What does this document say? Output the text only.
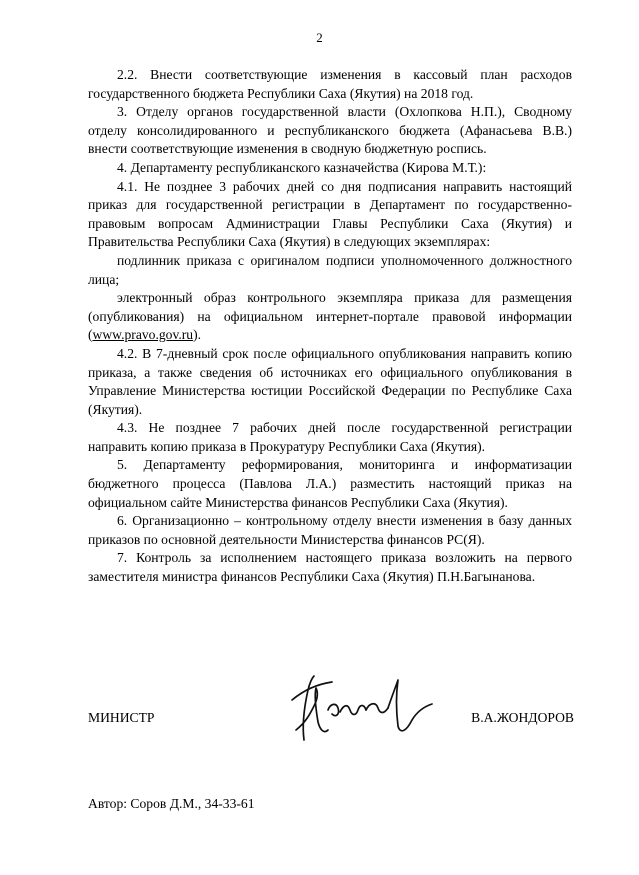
2

2.2. Внести соответствующие изменения в кассовый план расходов государственного бюджета Республики Саха (Якутия) на 2018 год.

3. Отделу органов государственной власти (Охлопкова Н.П.), Сводному отделу консолидированного и республиканского бюджета (Афанасьева В.В.) внести соответствующие изменения в сводную бюджетную роспись.

4. Департаменту республиканского казначейства (Кирова М.Т.):

4.1. Не позднее 3 рабочих дней со дня подписания направить настоящий приказ для государственной регистрации в Департамент по государственно-правовым вопросам Администрации Главы Республики Саха (Якутия) и Правительства Республики Саха (Якутия) в следующих экземплярах:

подлинник приказа с оригиналом подписи уполномоченного должностного лица;

электронный образ контрольного экземпляра приказа для размещения (опубликования) на официальном интернет-портале правовой информации (www.pravo.gov.ru).

4.2. В 7-дневный срок после официального опубликования направить копию приказа, а также сведения об источниках его официального опубликования в Управление Министерства юстиции Российской Федерации по Республике Саха (Якутия).

4.3. Не позднее 7 рабочих дней после государственной регистрации направить копию приказа в Прокуратуру Республики Саха (Якутия).

5. Департаменту реформирования, мониторинга и информатизации бюджетного процесса (Павлова Л.А.) разместить настоящий приказ на официальном сайте Министерства финансов Республики Саха (Якутия).

6. Организационно – контрольному отделу внести изменения в базу данных приказов по основной деятельности Министерства финансов РС(Я).

7. Контроль за исполнением настоящего приказа возложить на первого заместителя министра финансов Республики Саха (Якутия) П.Н.Багынанова.

МИНИСТР	В.А.ЖОНДОРОВ
Автор: Соров Д.М., 34-33-61
